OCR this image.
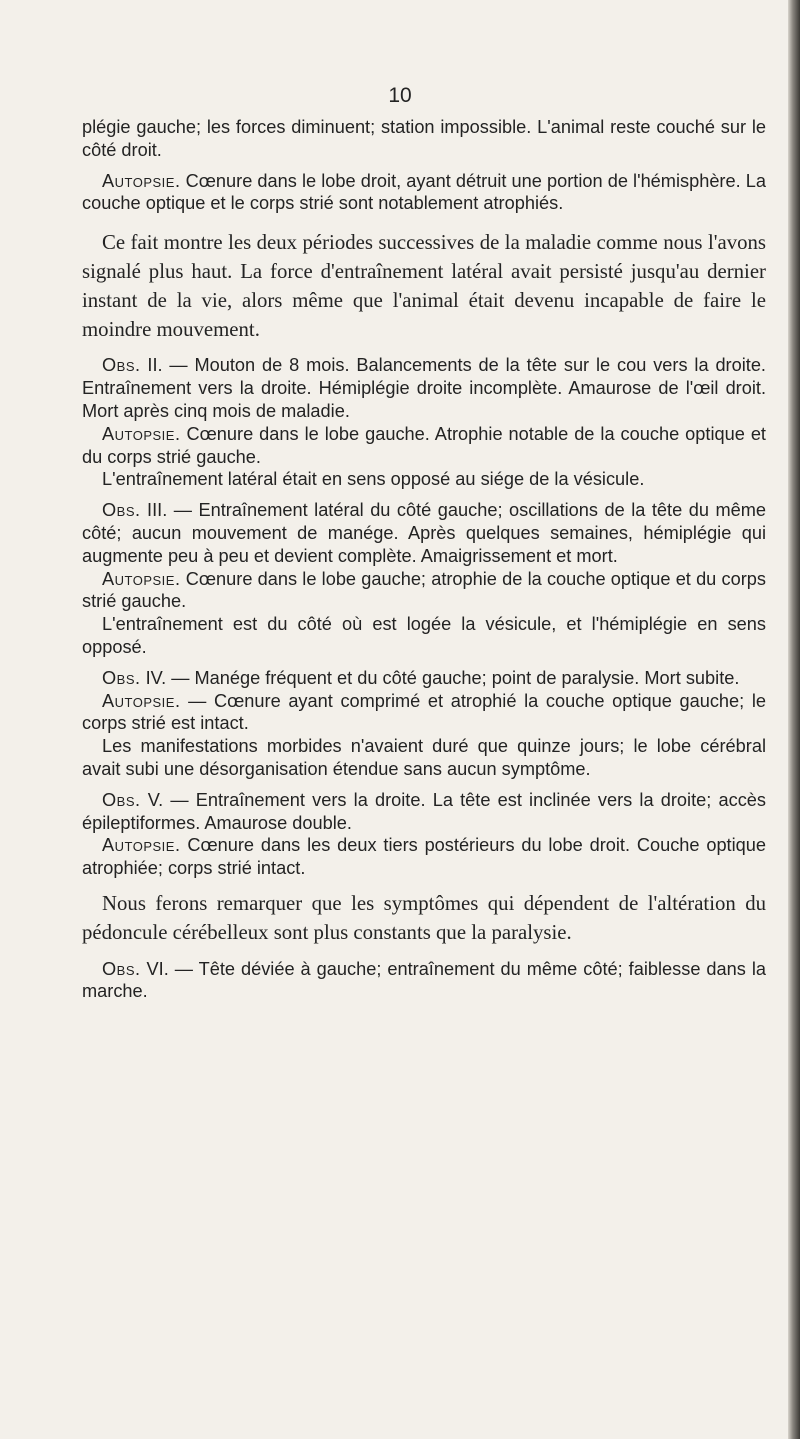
10

plégie gauche; les forces diminuent; station impossible. L'animal reste couché sur le côté droit.

Autopsie. Cœnure dans le lobe droit, ayant détruit une portion de l'hémisphère. La couche optique et le corps strié sont notablement atrophiés.

Ce fait montre les deux périodes successives de la maladie comme nous l'avons signalé plus haut. La force d'entraînement latéral avait persisté jusqu'au dernier instant de la vie, alors même que l'animal était devenu incapable de faire le moindre mouvement.

Obs. II. — Mouton de 8 mois. Balancements de la tête sur le cou vers la droite. Entraînement vers la droite. Hémiplégie droite incomplète. Amaurose de l'œil droit. Mort après cinq mois de maladie.

Autopsie. Cœnure dans le lobe gauche. Atrophie notable de la couche optique et du corps strié gauche.

L'entraînement latéral était en sens opposé au siége de la vésicule.

Obs. III. — Entraînement latéral du côté gauche; oscillations de la tête du même côté; aucun mouvement de manége. Après quelques semaines, hémiplégie qui augmente peu à peu et devient complète. Amaigrissement et mort.

Autopsie. Cœnure dans le lobe gauche; atrophie de la couche optique et du corps strié gauche.

L'entraînement est du côté où est logée la vésicule, et l'hémiplégie en sens opposé.

Obs. IV. — Manége fréquent et du côté gauche; point de paralysie. Mort subite.

Autopsie. — Cœnure ayant comprimé et atrophié la couche optique gauche; le corps strié est intact.

Les manifestations morbides n'avaient duré que quinze jours; le lobe cérébral avait subi une désorganisation étendue sans aucun symptôme.

Obs. V. — Entraînement vers la droite. La tête est inclinée vers la droite; accès épileptiformes. Amaurose double.

Autopsie. Cœnure dans les deux tiers postérieurs du lobe droit. Couche optique atrophiée; corps strié intact.

Nous ferons remarquer que les symptômes qui dépendent de l'altération du pédoncule cérébelleux sont plus constants que la paralysie.

Obs. VI. — Tête déviée à gauche; entraînement du même côté; faiblesse dans la marche.
